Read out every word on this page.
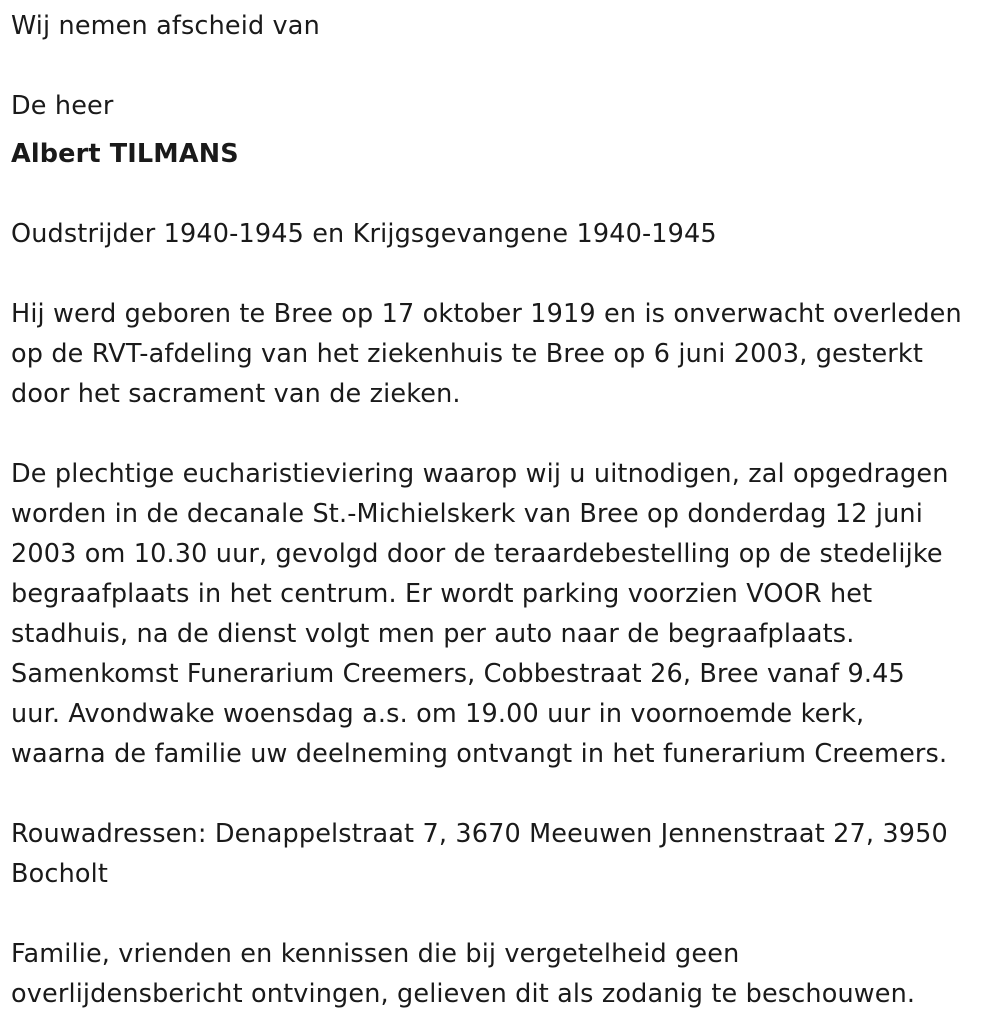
Wij nemen afscheid van

De heer

Albert TILMANS

Oudstrijder 1940-1945 en Krijgsgevangene 1940-1945

Hij werd geboren te Bree op 17 oktober 1919 en is onverwacht overleden

op de RVT-afdeling van het ziekenhuis te Bree op 6 juni 2003, gesterkt

door het sacrament van de zieken.

De plechtige eucharistieviering waarop wij u uitnodigen, zal opgedragen

worden in de decanale St.-Michielskerk van Bree op donderdag 12 juni

2003 om 10.30 uur, gevolgd door de teraardebestelling op de stedelijke

begraafplaats in het centrum. Er wordt parking voorzien VOOR het

stadhuis, na de dienst volgt men per auto naar de begraafplaats.

Samenkomst Funerarium Creemers, Cobbestraat 26, Bree vanaf 9.45

uur. Avondwake woensdag a.s. om 19.00 uur in voornoemde kerk,

waarna de familie uw deelneming ontvangt in het funerarium Creemers.

Rouwadressen: Denappelstraat 7, 3670 Meeuwen Jennenstraat 27, 3950

Bocholt

Familie, vrienden en kennissen die bij vergetelheid geen

overlijdensbericht ontvingen, gelieven dit als zodanig te beschouwen.
